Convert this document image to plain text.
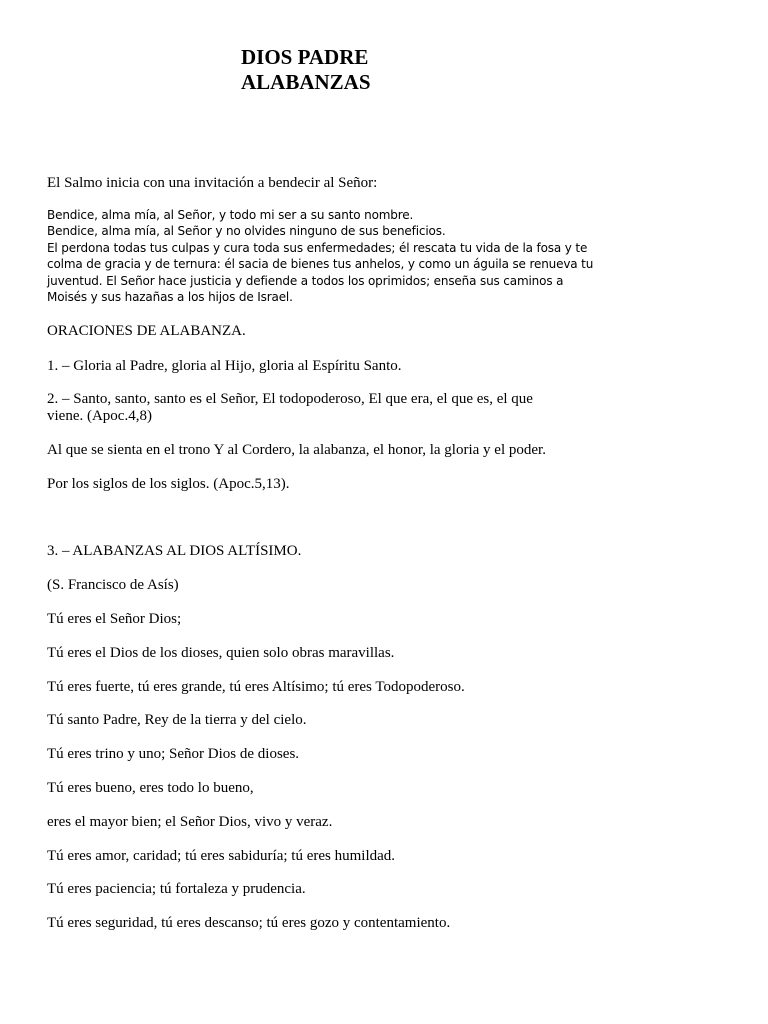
DIOS PADRE
ALABANZAS

El Salmo inicia con una invitación a bendecir al Señor:

Bendice, alma mía, al Señor, y todo mi ser a su santo nombre.
Bendice, alma mía, al Señor y no olvides ninguno de sus beneficios.
El perdona todas tus culpas y cura toda sus enfermedades; él rescata tu vida de la fosa y te
colma de gracia y de ternura: él sacia de bienes tus anhelos, y como un águila se renueva tu
juventud. El Señor hace justicia y defiende a todos los oprimidos; enseña sus caminos a
Moisés y sus hazañas a los hijos de Israel.

ORACIONES DE ALABANZA.

1. – Gloria al Padre, gloria al Hijo, gloria al Espíritu Santo.

2. – Santo, santo, santo es el Señor, El todopoderoso, El que era, el que es, el que

viene. (Apoc.4,8)

Al que se sienta en el trono Y al Cordero, la alabanza, el honor, la gloria y el poder.

Por los siglos de los siglos. (Apoc.5,13).

3. – ALABANZAS AL DIOS ALTÍSIMO.

(S. Francisco de Asís)

Tú eres el Señor Dios;

Tú eres el Dios de los dioses, quien solo obras maravillas.

Tú eres fuerte, tú eres grande, tú eres Altísimo; tú eres Todopoderoso.

Tú santo Padre, Rey de la tierra y del cielo.

Tú eres trino y uno; Señor Dios de dioses.

Tú eres bueno, eres todo lo bueno,

eres el mayor bien; el Señor Dios, vivo y veraz.

Tú eres amor, caridad; tú eres sabiduría; tú eres humildad.

Tú eres paciencia; tú fortaleza y prudencia.

Tú eres seguridad, tú eres descanso; tú eres gozo y contentamiento.
